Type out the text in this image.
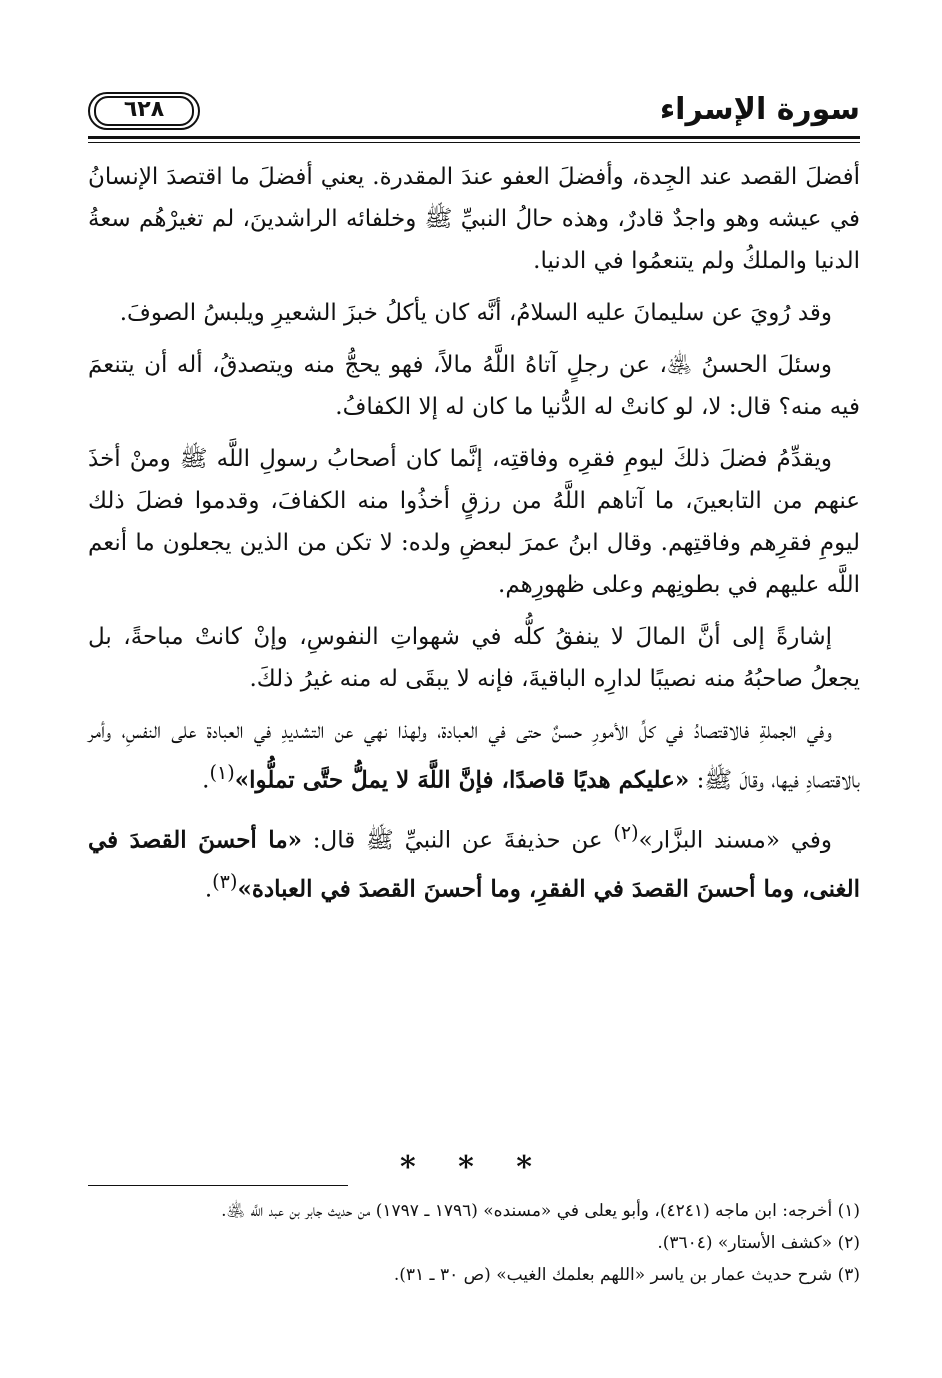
سورة الإسراء
٦٢٨

أفضلَ القصد عند الجِدة، وأفضلَ العفو عندَ المقدرة. يعني أفضلَ ما اقتصدَ الإنسانُ في عيشه وهو واجدٌ قادرٌ، وهذه حالُ النبيِّ ﷺ وخلفائه الراشدينَ، لم تغيرْهُم سعةُ الدنيا والملكُ ولم يتنعمُوا في الدنيا.

وقد رُويَ عن سليمانَ عليه السلامُ، أنَّه كان يأكلُ خبزَ الشعيرِ ويلبسُ الصوفَ.

وسئلَ الحسنُ ﵁، عن رجلٍ آتاهُ اللَّهُ مالاً، فهو يحجُّ منه ويتصدقُ، أله أن يتنعمَ فيه منه؟ قال: لا، لو كانتْ له الدُّنيا ما كان له إلا الكفافُ.

ويقدِّمُ فضلَ ذلكَ ليومِ فقرِه وفاقتِه، إنَّما كان أصحابُ رسولِ اللَّه ﷺ ومنْ أخذَ عنهم من التابعينَ، ما آتاهم اللَّهُ من رزقٍ أخذُوا منه الكفافَ، وقدموا فضلَ ذلك ليومِ فقرِهم وفاقتِهم. وقال ابنُ عمرَ لبعضِ ولده: لا تكن من الذين يجعلون ما أنعم اللَّه عليهم في بطونِهم وعلى ظهورِهم.

إشارةً إلى أنَّ المالَ لا ينفقُ كلُّه في شهواتِ النفوسِ، وإنْ كانتْ مباحةً، بل يجعلُ صاحبُهُ منه نصيبًا لدارِه الباقيةَ، فإنه لا يبقَى له منه غيرُ ذلكَ.

وفي الجملةِ فالاقتصادُ في كلِّ الأمورِ حسنٌ حتى في العبادة، ولهذا نهي عن التشديدِ في العبادة على النفسِ، وأمر بالاقتصادِ فيها، وقالَ ﷺ: «عليكم هديًا قاصدًا، فإنَّ اللَّهَ لا يملُّ حتَّى تملُّوا»$^{(١)}$.

وفي «مسند البزَّار»$^{(٢)}$ عن حذيفةَ عن النبيِّ ﷺ قال: «ما أحسنَ القصدَ في الغنى، وما أحسنَ القصدَ في الفقرِ، وما أحسنَ القصدَ في العبادة»$^{(٣)}$.

* * *

(١) أخرجه: ابن ماجه (٤٢٤١)، وأبو يعلى في «مسنده» (١٧٩٦ ـ ١٧٩٧) من حديث جابر بن عبد اللَّه ﵁.

(٢) «كشف الأستار» (٣٦٠٤).

(٣) شرح حديث عمار بن ياسر «اللهم بعلمك الغيب» (ص ٣٠ ـ ٣١).
